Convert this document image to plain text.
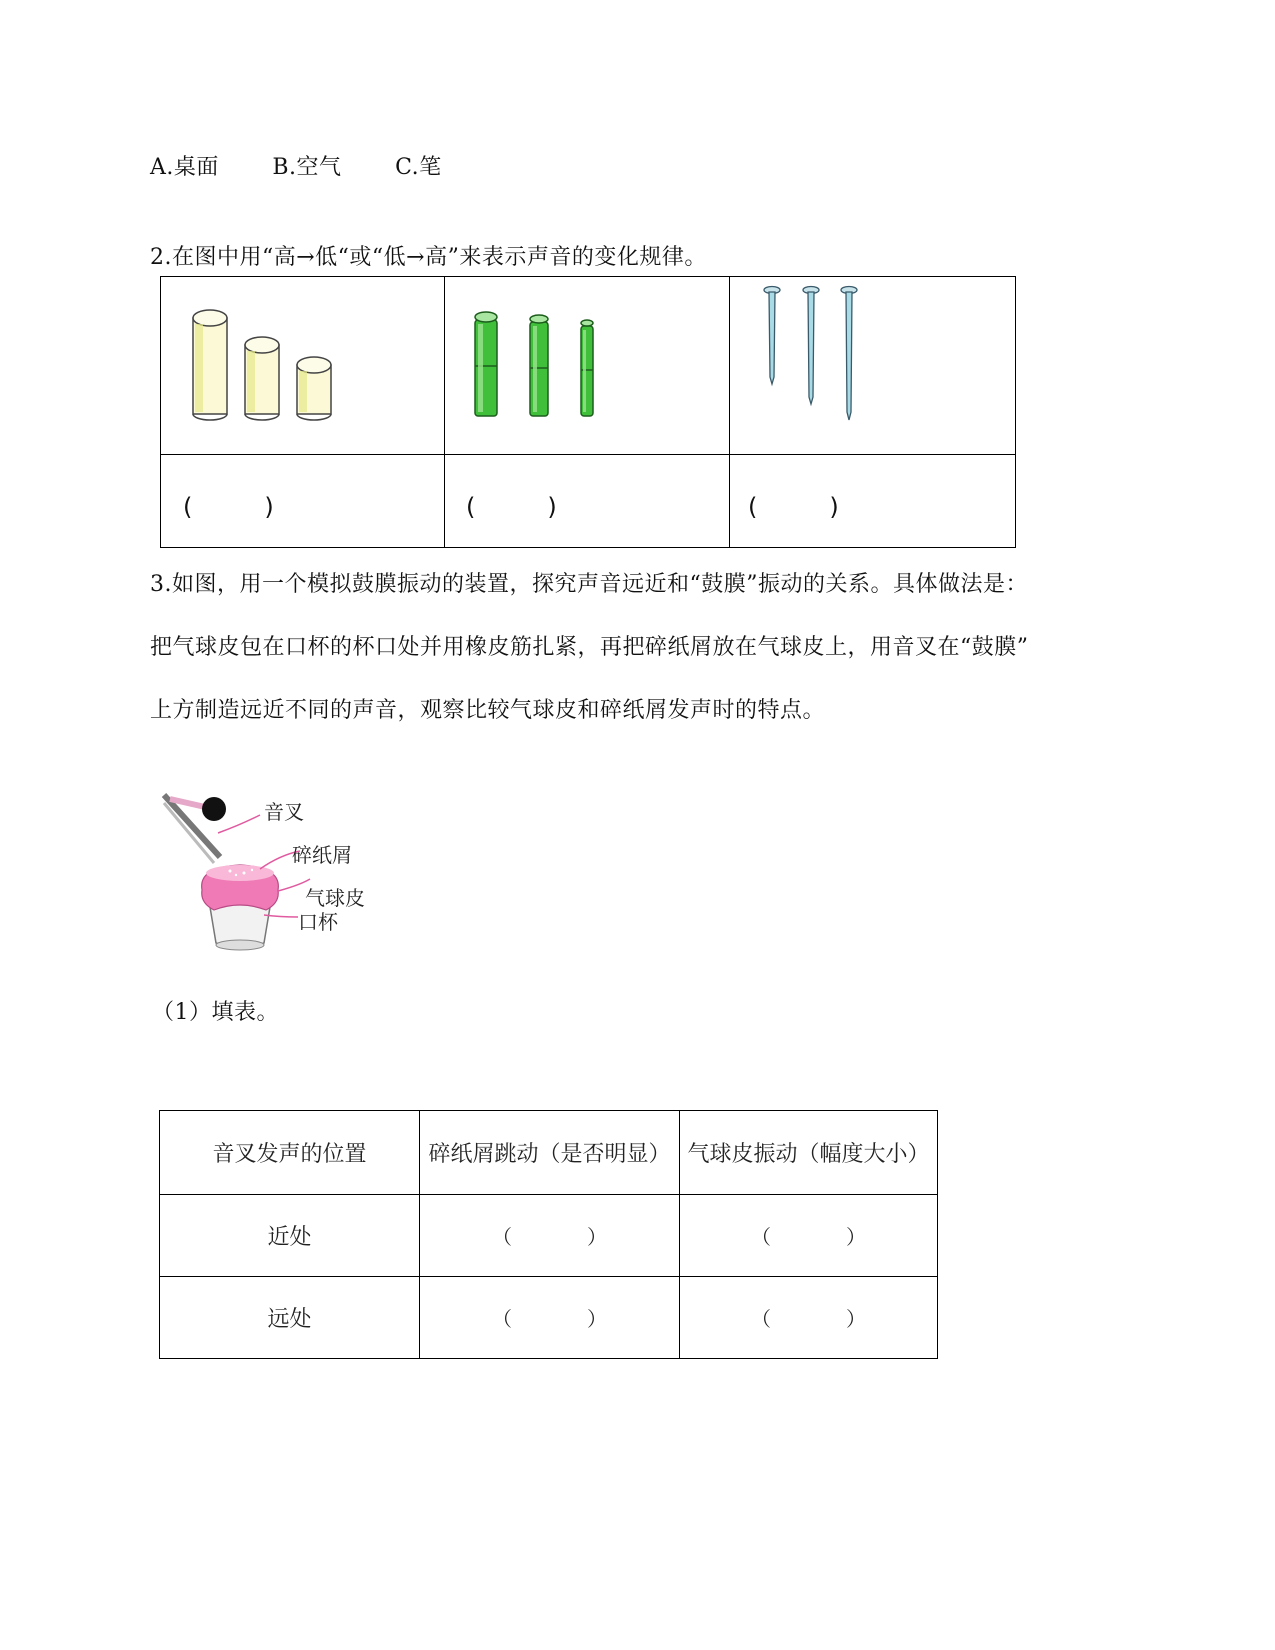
A.桌面 B.空气 C.笔
2.在图中用“高→低“或“低→高”来表示声音的变化规律。
(　　　)	(　　　)	(　　　)
3.如图，用一个模拟鼓膜振动的装置，探究声音远近和“鼓膜”振动的关系。具体做法是：
把气球皮包在口杯的杯口处并用橡皮筋扎紧，再把碎纸屑放在气球皮上，用音叉在“鼓膜”
上方制造远近不同的声音，观察比较气球皮和碎纸屑发声时的特点。
音叉
碎纸屑
气球皮
口杯
（1）填表。
音叉发声的位置	碎纸屑跳动（是否明显）	气球皮振动（幅度大小）
近处	（ ）	（ ）

远处	（ ）	（ ）
